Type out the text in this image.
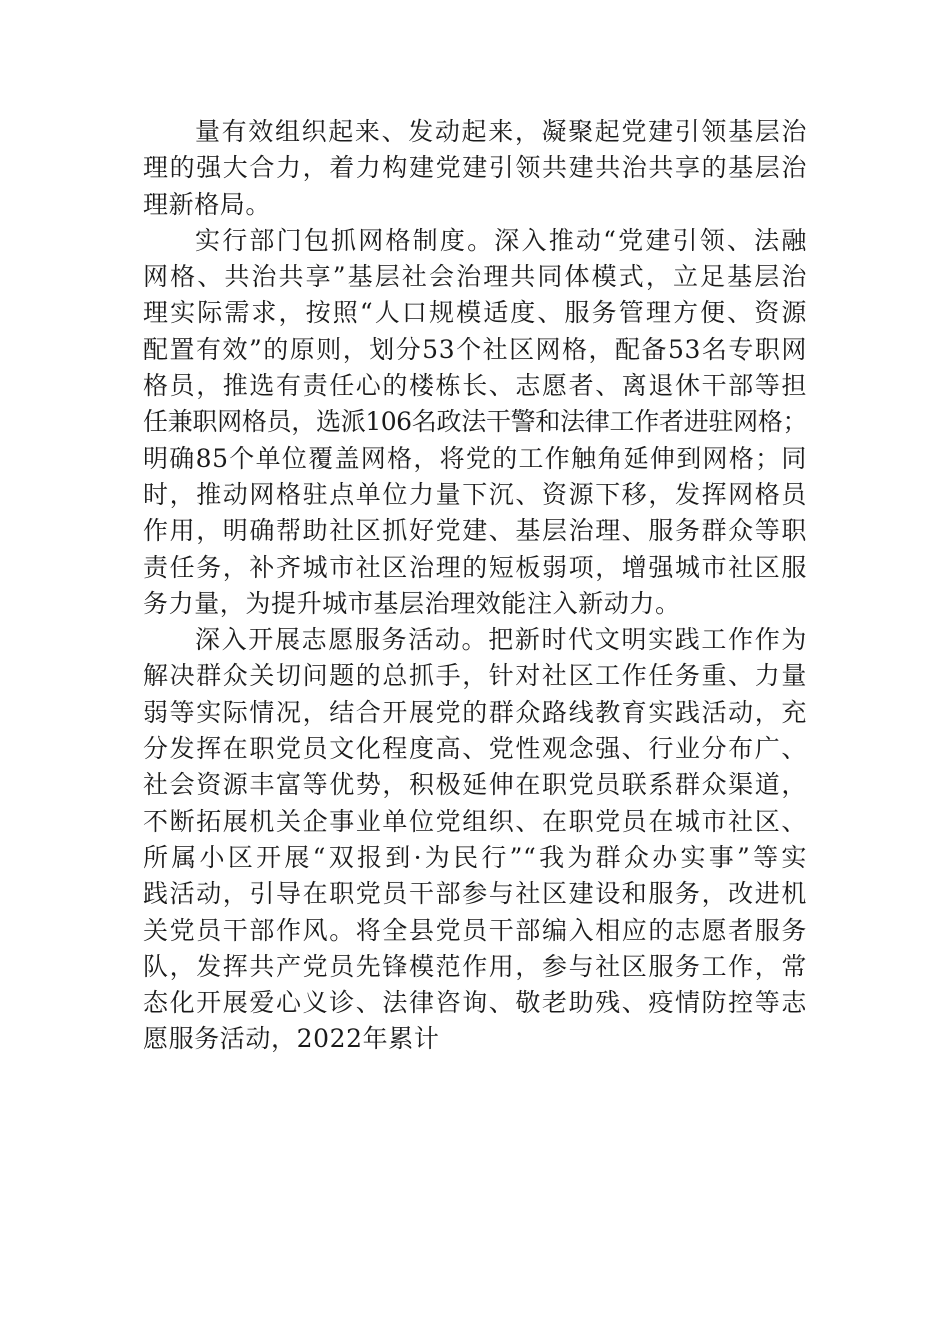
量有效组织起来、发动起来，凝聚起党建引领基层治
理的强大合力，着力构建党建引领共建共治共享的基层治
理新格局。
实行部门包抓网格制度。深入推动“党建引领、法融
网格、共治共享”基层社会治理共同体模式，立足基层治
理实际需求，按照“人口规模适度、服务管理方便、资源
配置有效”的原则，划分53个社区网格，配备53名专职网
格员，推选有责任心的楼栋长、志愿者、离退休干部等担
任兼职网格员，选派106名政法干警和法律工作者进驻网格；
明确85个单位覆盖网格，将党的工作触角延伸到网格；同
时，推动网格驻点单位力量下沉、资源下移，发挥网格员
作用，明确帮助社区抓好党建、基层治理、服务群众等职
责任务，补齐城市社区治理的短板弱项，增强城市社区服
务力量，为提升城市基层治理效能注入新动力。
深入开展志愿服务活动。把新时代文明实践工作作为
解决群众关切问题的总抓手，针对社区工作任务重、力量
弱等实际情况，结合开展党的群众路线教育实践活动，充
分发挥在职党员文化程度高、党性观念强、行业分布广、
社会资源丰富等优势，积极延伸在职党员联系群众渠道，
不断拓展机关企事业单位党组织、在职党员在城市社区、
所属小区开展“双报到·为民行”“我为群众办实事”等实
践活动，引导在职党员干部参与社区建设和服务，改进机
关党员干部作风。将全县党员干部编入相应的志愿者服务
队，发挥共产党员先锋模范作用，参与社区服务工作，常
态化开展爱心义诊、法律咨询、敬老助残、疫情防控等志
愿服务活动，2022年累计
